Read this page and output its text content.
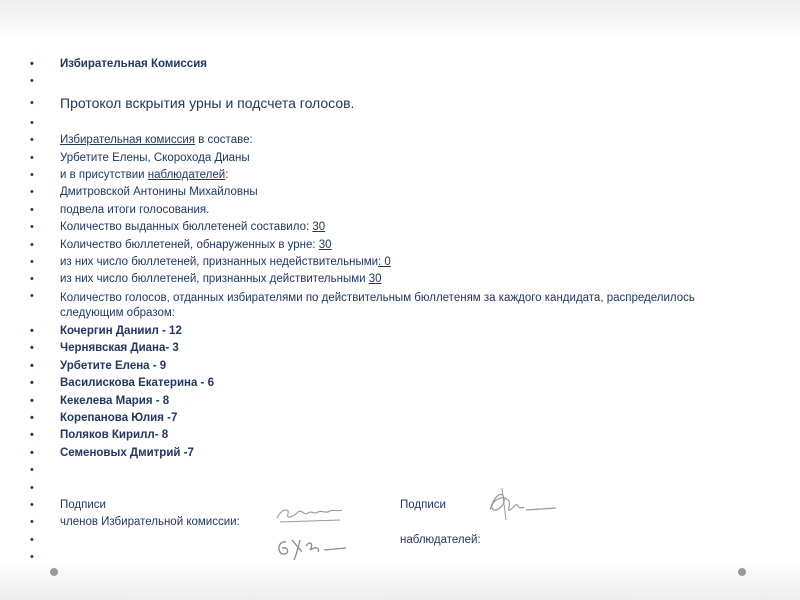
• Избирательная Комиссия
•
• Протокол вскрытия урны и подсчета голосов.
•
• Избирательная комиссия в составе:
• Урбетите Елены, Скорохода Дианы
• и в присутствии наблюдателей:
• Дмитровской Антонины Михайловны
• подвела итоги голосования.
• Количество выданных бюллетеней составило: 30
• Количество бюллетеней, обнаруженных в урне: 30
• из них число бюллетеней, признанных недействительными: 0
• из них число бюллетеней, признанных действительными 30
• Количество голосов, отданных избирателями по действительным бюллетеням за каждого кандидата, распределилось следующим образом:
• Кочергин Даниил - 12
• Чернявская Диана- 3
• Урбетите Елена - 9
• Василискова Екатерина - 6
• Кекелева Мария - 8
• Корепанова Юлия -7
• Поляков Кирилл- 8
• Семеновых Дмитрий -7
•
•
• Подписи	Подписи
• членов Избирательной комиссии:

• наблюдателей:
•
